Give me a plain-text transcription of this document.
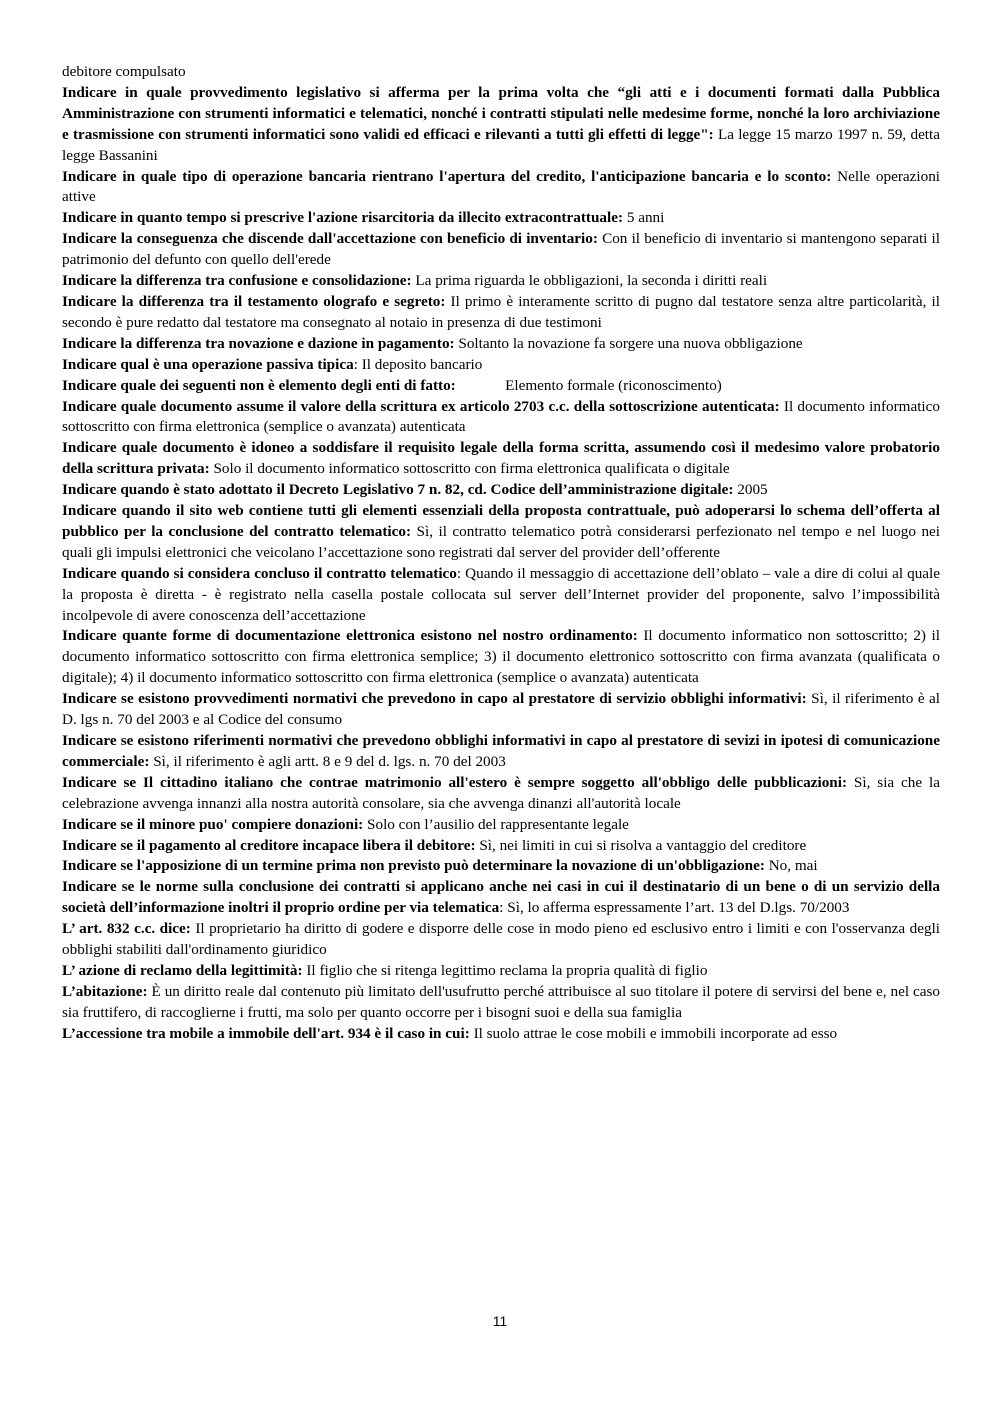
debitore compulsato
Indicare in quale provvedimento legislativo si afferma per la prima volta che “gli atti e i documenti formati dalla Pubblica Amministrazione con strumenti informatici e telematici, nonché i contratti stipulati nelle medesime forme, nonché la loro archiviazione e trasmissione con strumenti informatici sono validi ed efficaci e rilevanti a tutti gli effetti di legge": La legge 15 marzo 1997 n. 59, detta legge Bassanini
Indicare in quale tipo di operazione bancaria rientrano l'apertura del credito, l'anticipazione bancaria e lo sconto: Nelle operazioni attive
Indicare in quanto tempo si prescrive l'azione risarcitoria da illecito extracontrattuale: 5 anni
Indicare la conseguenza che discende dall'accettazione con beneficio di inventario: Con il beneficio di inventario si mantengono separati il patrimonio del defunto con quello dell'erede
Indicare la differenza tra confusione e consolidazione: La prima riguarda le obbligazioni, la seconda i diritti reali
Indicare la differenza tra il testamento olografo e segreto: Il primo è interamente scritto di pugno dal testatore senza altre particolarità, il secondo è pure redatto dal testatore ma consegnato al notaio in presenza di due testimoni
Indicare la differenza tra novazione e dazione in pagamento: Soltanto la novazione fa sorgere una nuova obbligazione
Indicare qual è una operazione passiva tipica: Il deposito bancario
Indicare quale dei seguenti non è elemento degli enti di fatto:             Elemento formale (riconoscimento)
Indicare quale documento assume il valore della scrittura ex articolo 2703 c.c. della sottoscrizione autenticata: Il documento informatico sottoscritto con firma elettronica (semplice o avanzata) autenticata
Indicare quale documento è idoneo a soddisfare il requisito legale della forma scritta, assumendo così il medesimo valore probatorio della scrittura privata: Solo il documento informatico sottoscritto con firma elettronica qualificata o digitale
Indicare quando è stato adottato il Decreto Legislativo 7 n. 82, cd. Codice dell’amministrazione digitale: 2005
Indicare quando il sito web contiene tutti gli elementi essenziali della proposta contrattuale, può adoperarsi lo schema dell’offerta al pubblico per la conclusione del contratto telematico: Sì, il contratto telematico potrà considerarsi perfezionato nel tempo e nel luogo nei quali gli impulsi elettronici che veicolano l’accettazione sono registrati dal server del provider dell’offerente
Indicare quando si considera concluso il contratto telematico: Quando il messaggio di accettazione dell’oblato – vale a dire di colui al quale la proposta è diretta - è registrato nella casella postale collocata sul server dell’Internet provider del proponente, salvo l’impossibilità incolpevole di avere conoscenza dell’accettazione
Indicare quante forme di documentazione elettronica esistono nel nostro ordinamento: Il documento informatico non sottoscritto; 2) il documento informatico sottoscritto con firma elettronica semplice; 3) il documento elettronico sottoscritto con firma avanzata (qualificata o digitale); 4) il documento informatico sottoscritto con firma elettronica (semplice o avanzata) autenticata
Indicare se esistono provvedimenti normativi che prevedono in capo al prestatore di servizio obblighi informativi: Sì, il riferimento è al D. lgs n. 70 del 2003 e al Codice del consumo
Indicare se esistono riferimenti normativi che prevedono obblighi informativi in capo al prestatore di sevizi in ipotesi di comunicazione commerciale: Sì, il riferimento è agli artt. 8 e 9 del d. lgs. n. 70 del 2003
Indicare se Il cittadino italiano che contrae matrimonio all'estero è sempre soggetto all'obbligo delle pubblicazioni: Sì, sia che la celebrazione avvenga innanzi alla nostra autorità consolare, sia che avvenga dinanzi all'autorità locale
Indicare se il minore puo' compiere donazioni: Solo con l’ausilio del rappresentante legale
Indicare se il pagamento al creditore incapace libera il debitore: Sì, nei limiti in cui si risolva a vantaggio del creditore
Indicare se l'apposizione di un termine prima non previsto può determinare la novazione di un'obbligazione: No, mai
Indicare se le norme sulla conclusione dei contratti si applicano anche nei casi in cui il destinatario di un bene o di un servizio della società dell’informazione inoltri il proprio ordine per via telematica: Sì, lo afferma espressamente l’art. 13 del D.lgs. 70/2003
L’ art. 832 c.c. dice: Il proprietario ha diritto di godere e disporre delle cose in modo pieno ed esclusivo entro i limiti e con l'osservanza degli obblighi stabiliti dall'ordinamento giuridico
L’ azione di reclamo della legittimità: Il figlio che si ritenga legittimo reclama la propria qualità di figlio
L’abitazione: È un diritto reale dal contenuto più limitato dell'usufrutto perché attribuisce al suo titolare il potere di servirsi del bene e, nel caso sia fruttifero, di raccoglierne i frutti, ma solo per quanto occorre per i bisogni suoi e della sua famiglia
L’accessione tra mobile a immobile dell'art. 934 è il caso in cui: Il suolo attrae le cose mobili e immobili incorporate ad esso
11
